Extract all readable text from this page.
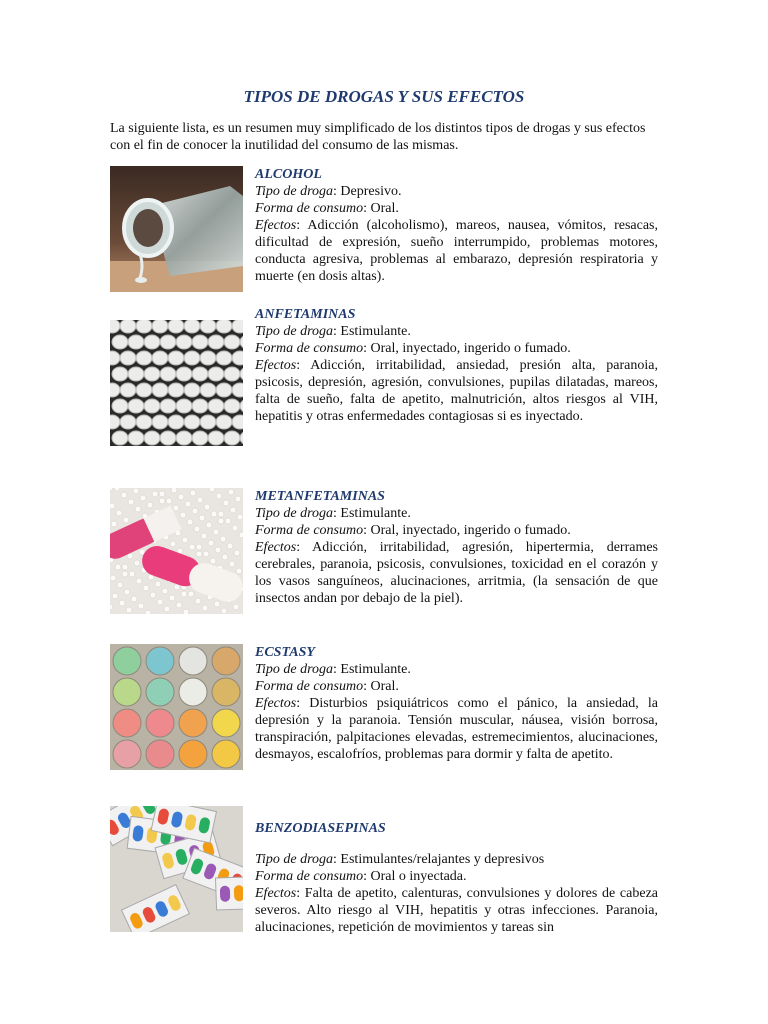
TIPOS DE DROGAS Y SUS EFECTOS
La siguiente lista, es un resumen muy simplificado de los distintos tipos de drogas y sus efectos con el fin de conocer la inutilidad del consumo de las mismas.
ALCOHOL
Tipo de droga: Depresivo.
Forma de consumo: Oral.
Efectos: Adicción (alcoholismo), mareos, nausea, vómitos, resacas, dificultad de expresión, sueño interrumpido, problemas motores, conducta agresiva, problemas al embarazo, depresión respiratoria y muerte (en dosis altas).
ANFETAMINAS
Tipo de droga: Estimulante.
Forma de consumo: Oral, inyectado, ingerido o fumado.
Efectos: Adicción, irritabilidad, ansiedad, presión alta, paranoia, psicosis, depresión, agresión, convulsiones, pupilas dilatadas, mareos, falta de sueño, falta de apetito, malnutrición, altos riesgos al VIH, hepatitis y otras enfermedades contagiosas si es inyectado.
METANFETAMINAS
Tipo de droga: Estimulante.
Forma de consumo: Oral, inyectado, ingerido o fumado.
Efectos: Adicción, irritabilidad, agresión, hipertermia, derrames cerebrales, paranoia, psicosis, convulsiones, toxicidad en el corazón y los vasos sanguíneos, alucinaciones, arritmia, (la sensación de que insectos andan por debajo de la piel).
ECSTASY
Tipo de droga: Estimulante.
Forma de consumo: Oral.
Efectos: Disturbios psiquiátricos como el pánico, la ansiedad, la depresión y la paranoia. Tensión muscular, náusea, visión borrosa, transpiración, palpitaciones elevadas, estremecimientos, alucinaciones, desmayos, escalofríos, problemas para dormir y falta de apetito.
BENZODIASEPINAS
Tipo de droga: Estimulantes/relajantes y depresivos
Forma de consumo: Oral o inyectada.
Efectos: Falta de apetito, calenturas, convulsiones y dolores de cabeza severos. Alto riesgo al VIH, hepatitis y otras infecciones. Paranoia, alucinaciones, repetición de movimientos y tareas sin
